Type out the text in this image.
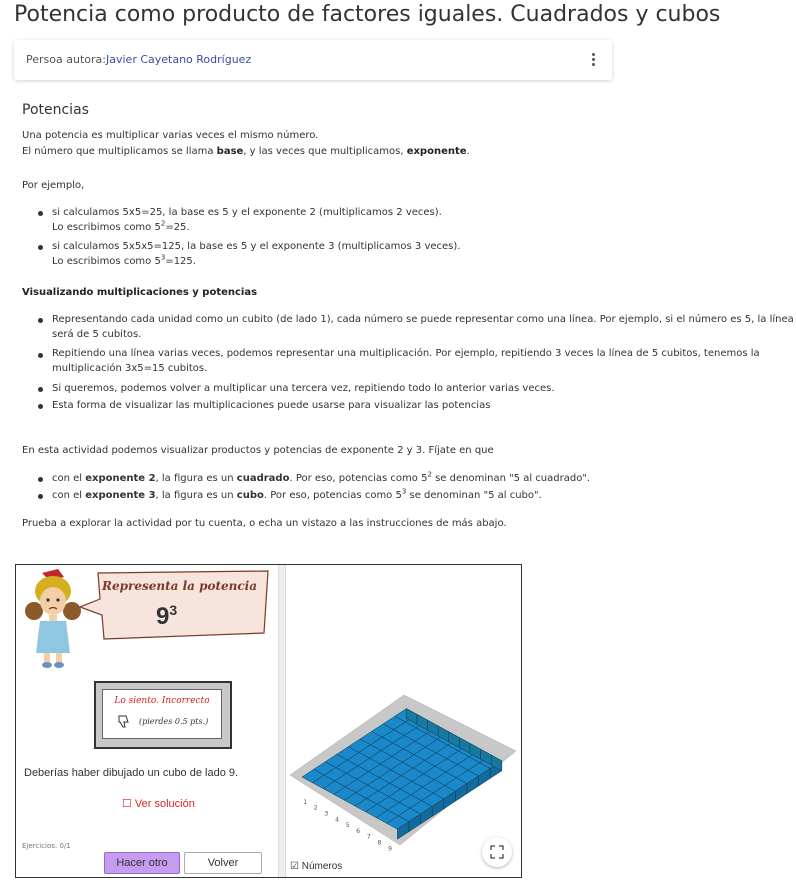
Potencia como producto de factores iguales. Cuadrados y cubos
Persoa autora: Javier Cayetano Rodríguez
Potencias
Una potencia es multiplicar varias veces el mismo número.
El número que multiplicamos se llama base, y las veces que multiplicamos, exponente.
Por ejemplo,
si calculamos 5x5=25, la base es 5 y el exponente 2 (multiplicamos 2 veces).
Lo escribimos como $5^2=25$.
si calculamos 5x5x5=125, la base es 5 y el exponente 3 (multiplicamos 3 veces).
Lo escribimos como $5^3=125$.
Visualizando multiplicaciones y potencias
Representando cada unidad como un cubito (de lado 1), cada número se puede representar como una línea. Por ejemplo, si el número es 5, la línea
será de 5 cubitos.
Repitiendo una línea varias veces, podemos representar una multiplicación. Por ejemplo, repitiendo 3 veces la línea de 5 cubitos, tenemos la
multiplicación 3x5=15 cubitos.
Si queremos, podemos volver a multiplicar una tercera vez, repitiendo todo lo anterior varias veces.
Esta forma de visualizar las multiplicaciones puede usarse para visualizar las potencias
En esta actividad podemos visualizar productos y potencias de exponente 2 y 3. Fíjate en que
con el exponente 2, la figura es un cuadrado. Por eso, potencias como $5^2$ se denominan "5 al cuadrado".
con el exponente 3, la figura es un cubo. Por eso, potencias como $5^3$ se denominan "5 al cubo".
Prueba a explorar la actividad por tu cuenta, o echa un vistazo a las instrucciones de más abajo.
Representa la potencia
$9^3$
Lo siento. Incorrecto
(pierdes 0.5 pts.)
Deberías haber dibujado un cubo de lado 9.
☐ Ver solución
Ejercicios: 0/1
Hacer otro	Volver
1
2
3
4
5
6
7
8
9
☑ Números
